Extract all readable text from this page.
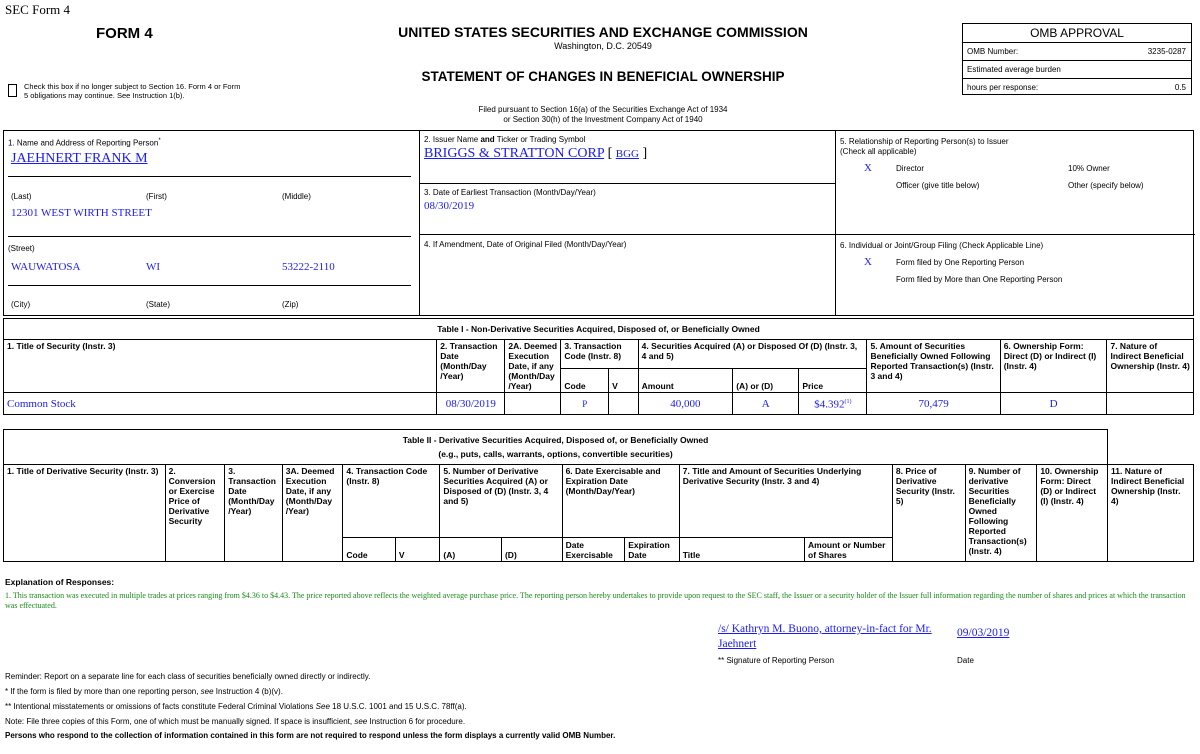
SEC Form 4
FORM 4
Check this box if no longer subject to Section 16. Form 4 or Form 5 obligations may continue. See Instruction 1(b).
UNITED STATES SECURITIES AND EXCHANGE COMMISSION
Washington, D.C. 20549
STATEMENT OF CHANGES IN BENEFICIAL OWNERSHIP
Filed pursuant to Section 16(a) of the Securities Exchange Act of 1934
or Section 30(h) of the Investment Company Act of 1940
OMB APPROVAL
OMB Number:	3235-0287
Estimated average burden
hours per response:	0.5
1. Name and Address of Reporting Person*
JAEHNERT FRANK M
(Last)	(First)	(Middle)
12301 WEST WIRTH STREET
(Street)
WAUWATOSA	WI	53222-2110
(City)	(State)	(Zip)
2. Issuer Name and Ticker or Trading Symbol
BRIGGS & STRATTON CORP [ BGG ]
3. Date of Earliest Transaction (Month/Day/Year)
08/30/2019
4. If Amendment, Date of Original Filed (Month/Day/Year)
5. Relationship of Reporting Person(s) to Issuer
(Check all applicable)
X	Director	10% Owner
Officer (give title below)	Other (specify below)
6. Individual or Joint/Group Filing (Check Applicable Line)
X	Form filed by One Reporting Person
Form filed by More than One Reporting Person
Table I - Non-Derivative Securities Acquired, Disposed of, or Beneficially Owned										
1. Title of Security (Instr. 3)	2. Transaction Date (Month/Day /Year)	2A. Deemed Execution Date, if any (Month/Day /Year)	3. Transaction Code (Instr. 8)		4. Securities Acquired (A) or Disposed Of (D) (Instr. 3, 4 and 5)			5. Amount of Securities Beneficially Owned Following Reported Transaction(s) (Instr. 3 and 4)	6. Ownership Form: Direct (D) or Indirect (I) (Instr. 4)	7. Nature of Indirect Beneficial Ownership (Instr. 4)
			Code	V	Amount	(A) or (D)	Price			
Common Stock	08/30/2019		P		40,000	A	$4.392$^{(1)}$	70,479	D	
Table II - Derivative Securities Acquired, Disposed of, or Beneficially Owned
(e.g., puts, calls, warrants, options, convertible securities)															

1. Title of Derivative Security (Instr. 3)	2. Conversion or Exercise Price of Derivative Security	3. Transaction Date (Month/Day /Year)	3A. Deemed Execution Date, if any (Month/Day /Year)	4. Transaction Code (Instr. 8)		5. Number of Derivative Securities Acquired (A) or Disposed of (D) (Instr. 3, 4 and 5)		6. Date Exercisable and Expiration Date (Month/Day/Year)		7. Title and Amount of Securities Underlying Derivative Security (Instr. 3 and 4)		8. Price of Derivative Security (Instr. 5)	9. Number of derivative Securities Beneficially Owned Following Reported Transaction(s) (Instr. 4)	10. Ownership Form: Direct (D) or Indirect (I) (Instr. 4)	11. Nature of Indirect Beneficial Ownership (Instr. 4)
				Code	V	(A)	(D)	Date Exercisable	Expiration Date	Title	Amount or Number of Shares				
Explanation of Responses:
1. This transaction was executed in multiple trades at prices ranging from $4.36 to $4.43. The price reported above reflects the weighted average purchase price. The reporting person hereby undertakes to provide upon request to the SEC staff, the Issuer or a security holder of the Issuer full information regarding the number of shares and prices at which the transaction was effectuated.
/s/ Kathryn M. Buono, attorney-in-fact for Mr.
Jaehnert
09/03/2019
** Signature of Reporting Person	Date
Reminder: Report on a separate line for each class of securities beneficially owned directly or indirectly.
* If the form is filed by more than one reporting person, see Instruction 4 (b)(v).
** Intentional misstatements or omissions of facts constitute Federal Criminal Violations See 18 U.S.C. 1001 and 15 U.S.C. 78ff(a).
Note: File three copies of this Form, one of which must be manually signed. If space is insufficient, see Instruction 6 for procedure.
Persons who respond to the collection of information contained in this form are not required to respond unless the form displays a currently valid OMB Number.
